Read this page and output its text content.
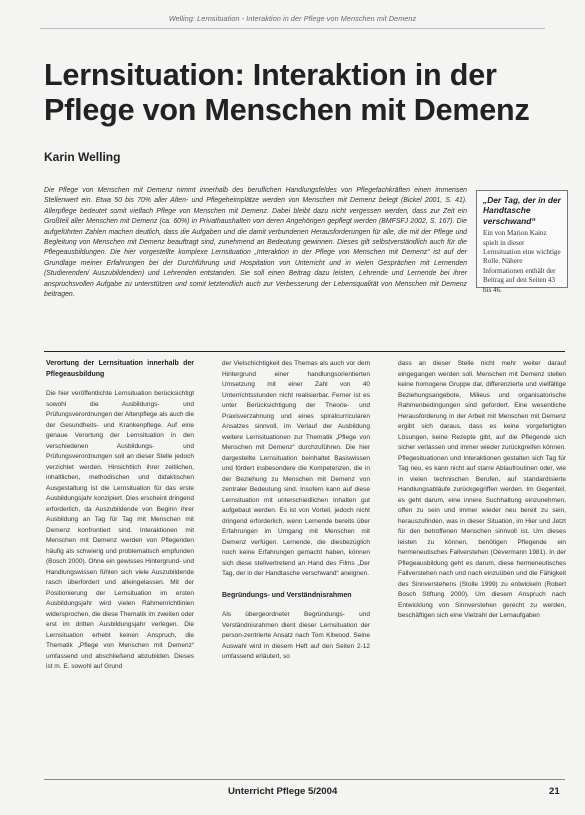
Welling: Lernsituation - Interaktion in der Pflege von Menschen mit Demenz
Lernsituation: Interaktion in der Pflege von Menschen mit Demenz
Karin Welling

Die Pflege von Menschen mit Demenz nimmt innerhalb des beruflichen Handlungsfeldes von Pflegefachkräften einen immensen Stellenwert ein. Etwa 50 bis 70% aller Alten- und Pflegeheimplätze werden von Menschen mit Demenz belegt (Bickel 2001, S. 41). Allerpflege bedeutet somit vielfach Pflege von Menschen mit Demenz. Dabei bleibt dazu nicht vergessen werden, dass zur Zeit ein Großteil aller Menschen mit Demenz (ca. 60%) in Privathaushalten von deren Angehörigen gepflegt werden (BMFSFJ 2002, S. 167). Die aufgeführten Zahlen machen deutlich, dass die Aufgaben und die damit verbundenen Herausforderungen für alle, die mit der Pflege und Begleitung von Menschen mit Demenz beauftragt sind, zunehmend an Bedeutung gewinnen. Dieses gilt selbstverständlich auch für die Pflegeausbildungen. Die hier vorgestellte komplexe Lernsituation „Interaktion in der Pflege von Menschen mit Demenz“ ist auf der Grundlage meiner Erfahrungen bei der Durchführung und Hospitation von Unterricht und in vielen Gesprächen mit Lernenden (Studierenden/ Auszubildenden) und Lehrenden entstanden. Sie soll einen Beitrag dazu leisten, Lehrende und Lernende bei ihrer anspruchsvollen Aufgabe zu unterstützen und somit letztendlich auch zur Verbesserung der Lebensqualität von Menschen mit Demenz beitragen.

„Der Tag, der in der Handtasche verschwand“
Ein von Marion Kainz spielt in dieser Lernsituation eine wichtige Rolle. Nähere Informationen enthält der Beitrag auf den Seiten 43 bis 46.
Verortung der Lernsituation innerhalb der Pflegeausbildung

Die hier veröffentlichte Lernsituation berücksichtigt sowohl die Ausbildungs- und Prüfungsverordnungen der Altenpflege als auch die der Gesundheits- und Krankenpflege. Auf eine genaue Verortung der Lernsituation in den verschiedenen Ausbildungs- und Prüfungsverordnungen soll an dieser Stelle jedoch verzichtet werden. Hinsichtlich ihrer zeitlichen, inhaltlichen, methodischen und didaktischen Ausgestaltung ist die Lernsituation für das erste Ausbildungsjahr konzipiert. Dies erscheint dringend erforderlich, da Auszubildende von Beginn ihrer Ausbildung an Tag für Tag mit Menschen mit Demenz konfrontiert sind. Interaktionen mit Menschen mit Demenz werden von Pflegenden häufig als schwierig und problematisch empfunden (Bosch 2000). Ohne ein gewisses Hintergrund- und Handlungswissen fühlen sich viele Auszubildende rasch überfordert und alleingelassen. Mit der Positionierung der Lernsituation im ersten Ausbildungsjahr wird vielen Rahmenrichtlinien widersprochen, die diese Thematik im zweiten oder erst im dritten Ausbildungsjahr verlegen. Die Lernsituation erhebt keinen Anspruch, die Thematik „Pflege von Menschen mit Demenz“ umfassend und abschließend abzubilden. Dieses ist m. E. sowohl auf Grund

der Vielschichtigkeit des Themas als auch vor dem Hintergrund einer handlungsorientierten Umsetzung mit einer Zahl von 40 Unterrichtsstunden nicht realisierbar. Ferner ist es unter Berücksichtigung der Theorie- und Praxisverzahnung und eines spiralcurricularen Ansatzes sinnvoll, im Verlauf der Ausbildung weitere Lernsituationen zur Thematik „Pflege von Menschen mit Demenz“ durchzuführen. Die hier dargestellte Lernsituation beinhaltet Basiswissen und fördert insbesondere die Kompetenzen, die in der Beziehung zu Menschen mit Demenz von zentraler Bedeutung sind. Insofern kann auf diese Lernsituation mit unterschiedlichen Inhalten gut aufgebaut werden. Es ist von Vorteil, jedoch nicht dringend erforderlich, wenn Lernende bereits über Erfahrungen im Umgang mit Menschen mit Demenz verfügen. Lernende, die diesbezüglich noch keine Erfahrungen gemacht haben, können sich diese stellvertretend an Hand des Films „Der Tag, der in der Handtasche verschwand“ aneignen.

Begründungs- und Verständnisrahmen

Als übergeordneter Begründungs- und Verständnisrahmen dient dieser Lernsituation der person-zentrierte Ansatz nach Tom Kitwood. Seine Auswahl wird in diesem Heft auf den Seiten 2-12 umfassend erläutert, so

dass an dieser Stelle nicht mehr weiter darauf eingegangen werden soll. Menschen mit Demenz stellen keine homogene Gruppe dar, differenzierte und vielfältige Beziehungsangebote, Milieus und organisatorische Rahmenbedingungen sind gefordert. Eine wesentliche Herausforderung in der Arbeit mit Menschen mit Demenz ergibt sich daraus, dass es keine vorgefertigten Lösungen, keine Rezepte gibt, auf die Pflegende sich sicher verlassen und immer wieder zurückgreifen können. Pflegesituationen und Interaktionen gestalten sich Tag für Tag neu, es kann nicht auf starre Ablaufroutinen oder, wie in vielen technischen Berufen, auf standardisierte Handlungsabläufe zurückgegriffen werden. Im Gegenteil, es geht darum, eine innere Suchhaltung einzunehmen, offen zu sein und immer wieder neu bereit zu sein, herauszufinden, was in dieser Situation, im Hier und Jetzt für den betroffenen Menschen sinnvoll ist. Um dieses leisten zu können, benötigen Pflegende ein hermeneutisches Fallverstehen (Oevermann 1981). In der Pflegeausbildung geht es darum, diese hermeneutisches Fallverstehen nach und nach einzuüben und die Fähigkeit des Sinnverstehens (Stolle 1999) zu entwickeln (Robert Bosch Stiftung 2000). Um diesem Anspruch nach Entwicklung von Sinnverstehen gerecht zu werden, beschäftigen sich eine Vielzahl der Lernaufgaben

Unterricht Pflege 5/2004	21
